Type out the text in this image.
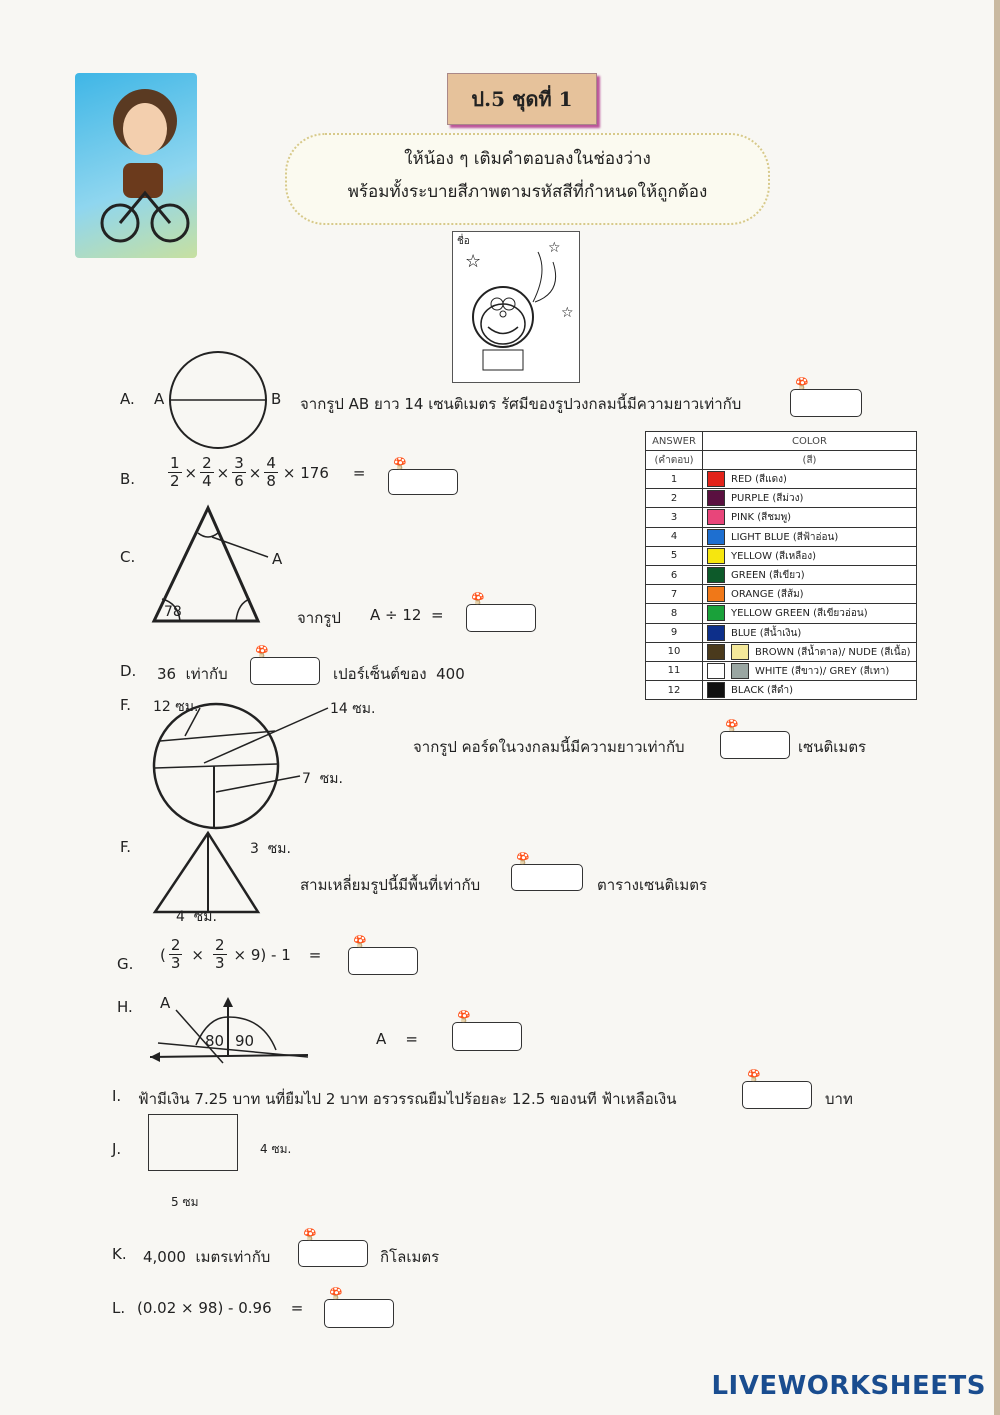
ป.5 ชุดที่ 1
ให้น้อง ๆ เติมคำตอบลงในช่องว่าง
พร้อมทั้งระบายสีภาพตามรหัสสีที่กำหนดให้ถูกต้อง
ชื่อ
☆
☆
☆
A. A	B จากรูป AB ยาว 14 เซนติเมตร รัศมีของรูปวงกลมนี้มีความยาวเท่ากับ
🍄
B. $\frac{1}{2} \times \frac{2}{4} \times \frac{3}{6} \times \frac{4}{8} \times 176$ =
🍄
C.	A
78	จากรูป A ÷ 12  =
🍄
D. 36  เท่ากับ
🍄
เปอร์เซ็นต์ของ  400
F. 12 ซม.	14 ซม.
7  ซม.
จากรูป คอร์ดในวงกลมนี้มีความยาวเท่ากับ
🍄
เซนติเมตร
F.	3  ซม.
4  ซม.
สามเหลี่ยมรูปนี้มีพื้นที่เท่ากับ
🍄
ตารางเซนติเมตร
G.
( $\frac{2}{3} \times \frac{2}{3} \times 9) - 1$ =
🍄
H. A
80 90	A    =
🍄
I. ฟ้ามีเงิน 7.25 บาท นที่ยืมไป 2 บาท อรวรรณยืมไปร้อยละ 12.5 ของนที ฟ้าเหลือเงิน
🍄
บาท
J.	4 ซม.
5 ซม
K. 4,000  เมตรเท่ากับ
🍄
กิโลเมตร
L. (0.02 × 98) - 0.96    =
🍄
ANSWER	COLOR

(คำตอบ)	(สี)
1	RED (สีแดง)
2	PURPLE (สีม่วง)
3	PINK (สีชมพู)
4	LIGHT BLUE (สีฟ้าอ่อน)
5	YELLOW (สีเหลือง)
6	GREEN (สีเขียว)
7	ORANGE (สีส้ม)
8	YELLOW GREEN (สีเขียวอ่อน)
9	BLUE (สีน้ำเงิน)
10	BROWN (สีน้ำตาล)/ NUDE (สีเนื้อ)
11	WHITE (สีขาว)/ GREY (สีเทา)
12	BLACK (สีดำ)
LIVEWORKSHEETS
